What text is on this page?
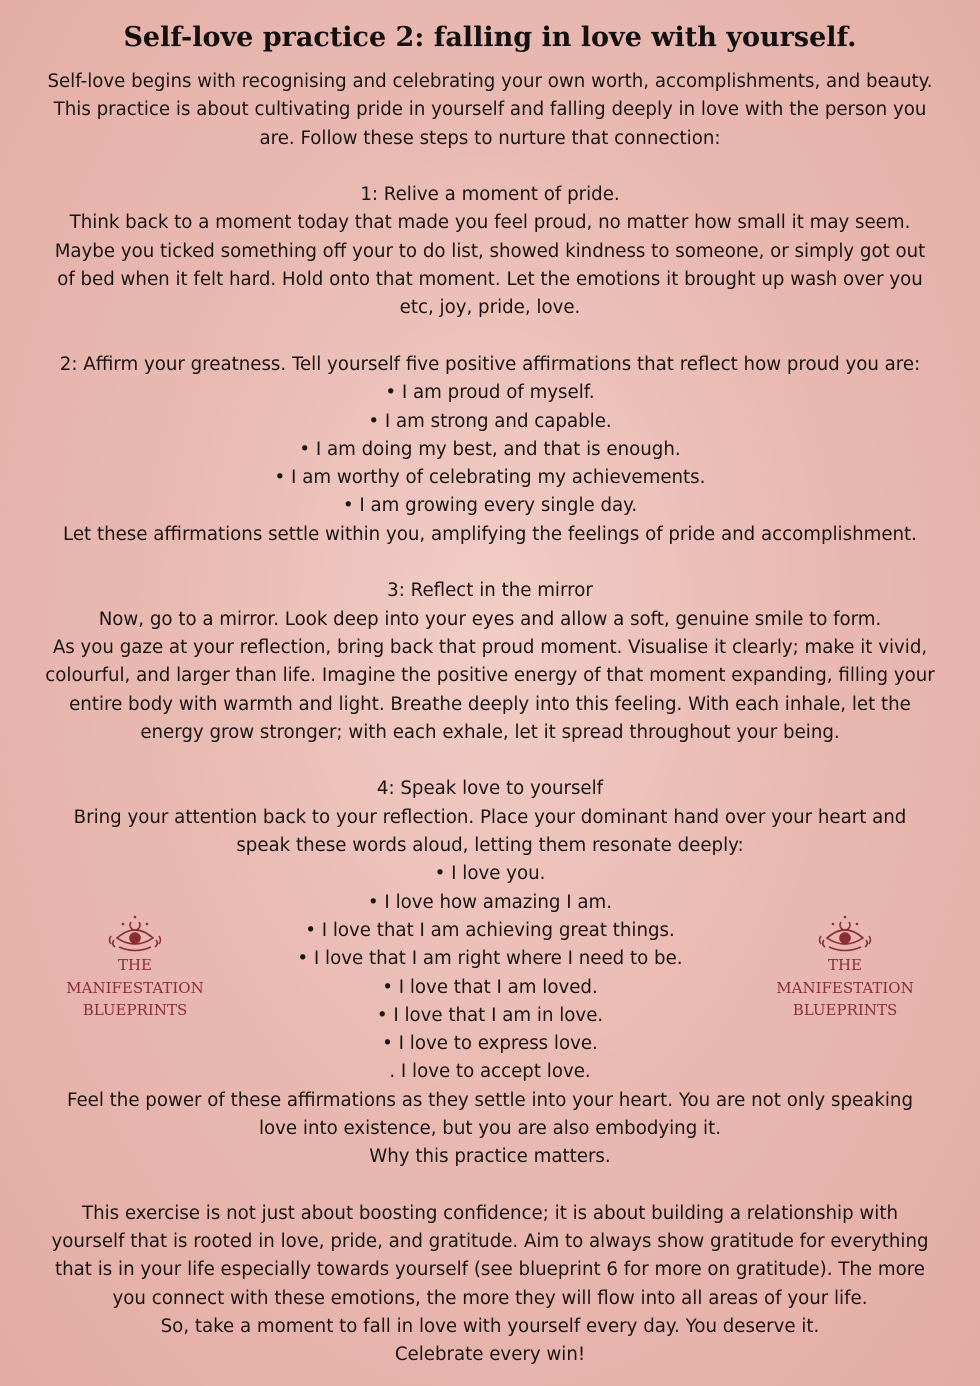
Self-love practice 2: falling in love with yourself.
Self-love begins with recognising and celebrating your own worth, accomplishments, and beauty.
This practice is about cultivating pride in yourself and falling deeply in love with the person you
are. Follow these steps to nurture that connection:
1: Relive a moment of pride.
Think back to a moment today that made you feel proud, no matter how small it may seem.
Maybe you ticked something off your to do list, showed kindness to someone, or simply got out
of bed when it felt hard. Hold onto that moment. Let the emotions it brought up wash over you
etc, joy, pride, love.
2: Affirm your greatness. Tell yourself five positive affirmations that reflect how proud you are:
• I am proud of myself.
• I am strong and capable.
• I am doing my best, and that is enough.
• I am worthy of celebrating my achievements.
• I am growing every single day.
Let these affirmations settle within you, amplifying the feelings of pride and accomplishment.
3: Reflect in the mirror
Now, go to a mirror. Look deep into your eyes and allow a soft, genuine smile to form.
As you gaze at your reflection, bring back that proud moment. Visualise it clearly; make it vivid,
colourful, and larger than life. Imagine the positive energy of that moment expanding, filling your
entire body with warmth and light. Breathe deeply into this feeling. With each inhale, let the
energy grow stronger; with each exhale, let it spread throughout your being.
4: Speak love to yourself
Bring your attention back to your reflection. Place your dominant hand over your heart and
speak these words aloud, letting them resonate deeply:
• I love you.
• I love how amazing I am.
• I love that I am achieving great things.
• I love that I am right where I need to be.
• I love that I am loved.
• I love that I am in love.
• I love to express love.
. I love to accept love.
Feel the power of these affirmations as they settle into your heart. You are not only speaking
love into existence, but you are also embodying it.
Why this practice matters.
This exercise is not just about boosting confidence; it is about building a relationship with
yourself that is rooted in love, pride, and gratitude. Aim to always show gratitude for everything
that is in your life especially towards yourself (see blueprint 6 for more on gratitude). The more
you connect with these emotions, the more they will flow into all areas of your life.
So, take a moment to fall in love with yourself every day. You deserve it.
Celebrate every win!
THE
MANIFESTATION
BLUEPRINTS
THE
MANIFESTATION
BLUEPRINTS
